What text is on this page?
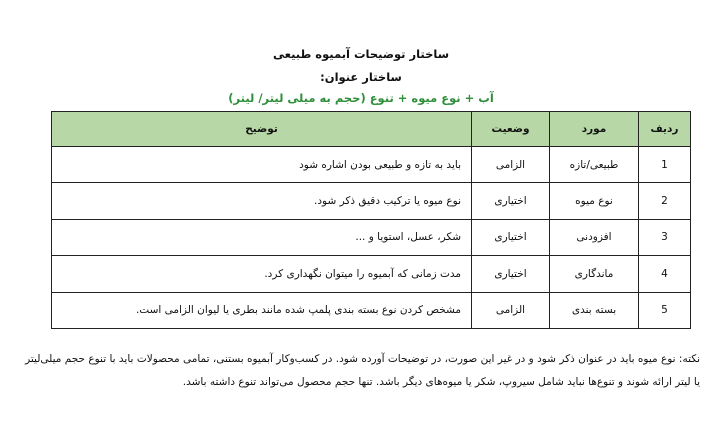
ساختار توضیحات آبمیوه طبیعی
ساختار عنوان:
آب + نوع میوه + تنوع (حجم به میلی لیتر/ لیتر)
ردیف	مورد	وضعیت	توضیح
1	طبیعی/تازه	الزامی	باید به تازه و طبیعی بودن اشاره شود
2	نوع میوه	اختیاری	نوع میوه یا ترکیب دقیق ذکر شود.
3	افزودنی	اختیاری	شکر، عسل، استویا و ...
4	ماندگاری	اختیاری	مدت زمانی که آبمیوه را میتوان نگهداری کرد.
5	بسته بندی	الزامی	مشخص کردن نوع بسته بندی پلمپ شده مانند بطری یا لیوان الزامی است.
نکته: نوع میوه باید در عنوان ذکر شود و در غیر این صورت، در توضیحات آورده شود. در کسب‌وکار آبمیوه بستنی، تمامی محصولات باید با تنوع حجم میلی‌لیتر یا لیتر ارائه شوند و تنوع‌ها نباید شامل سیروپ، شکر یا میوه‌های دیگر باشد. تنها حجم محصول می‌تواند تنوع داشته باشد.
